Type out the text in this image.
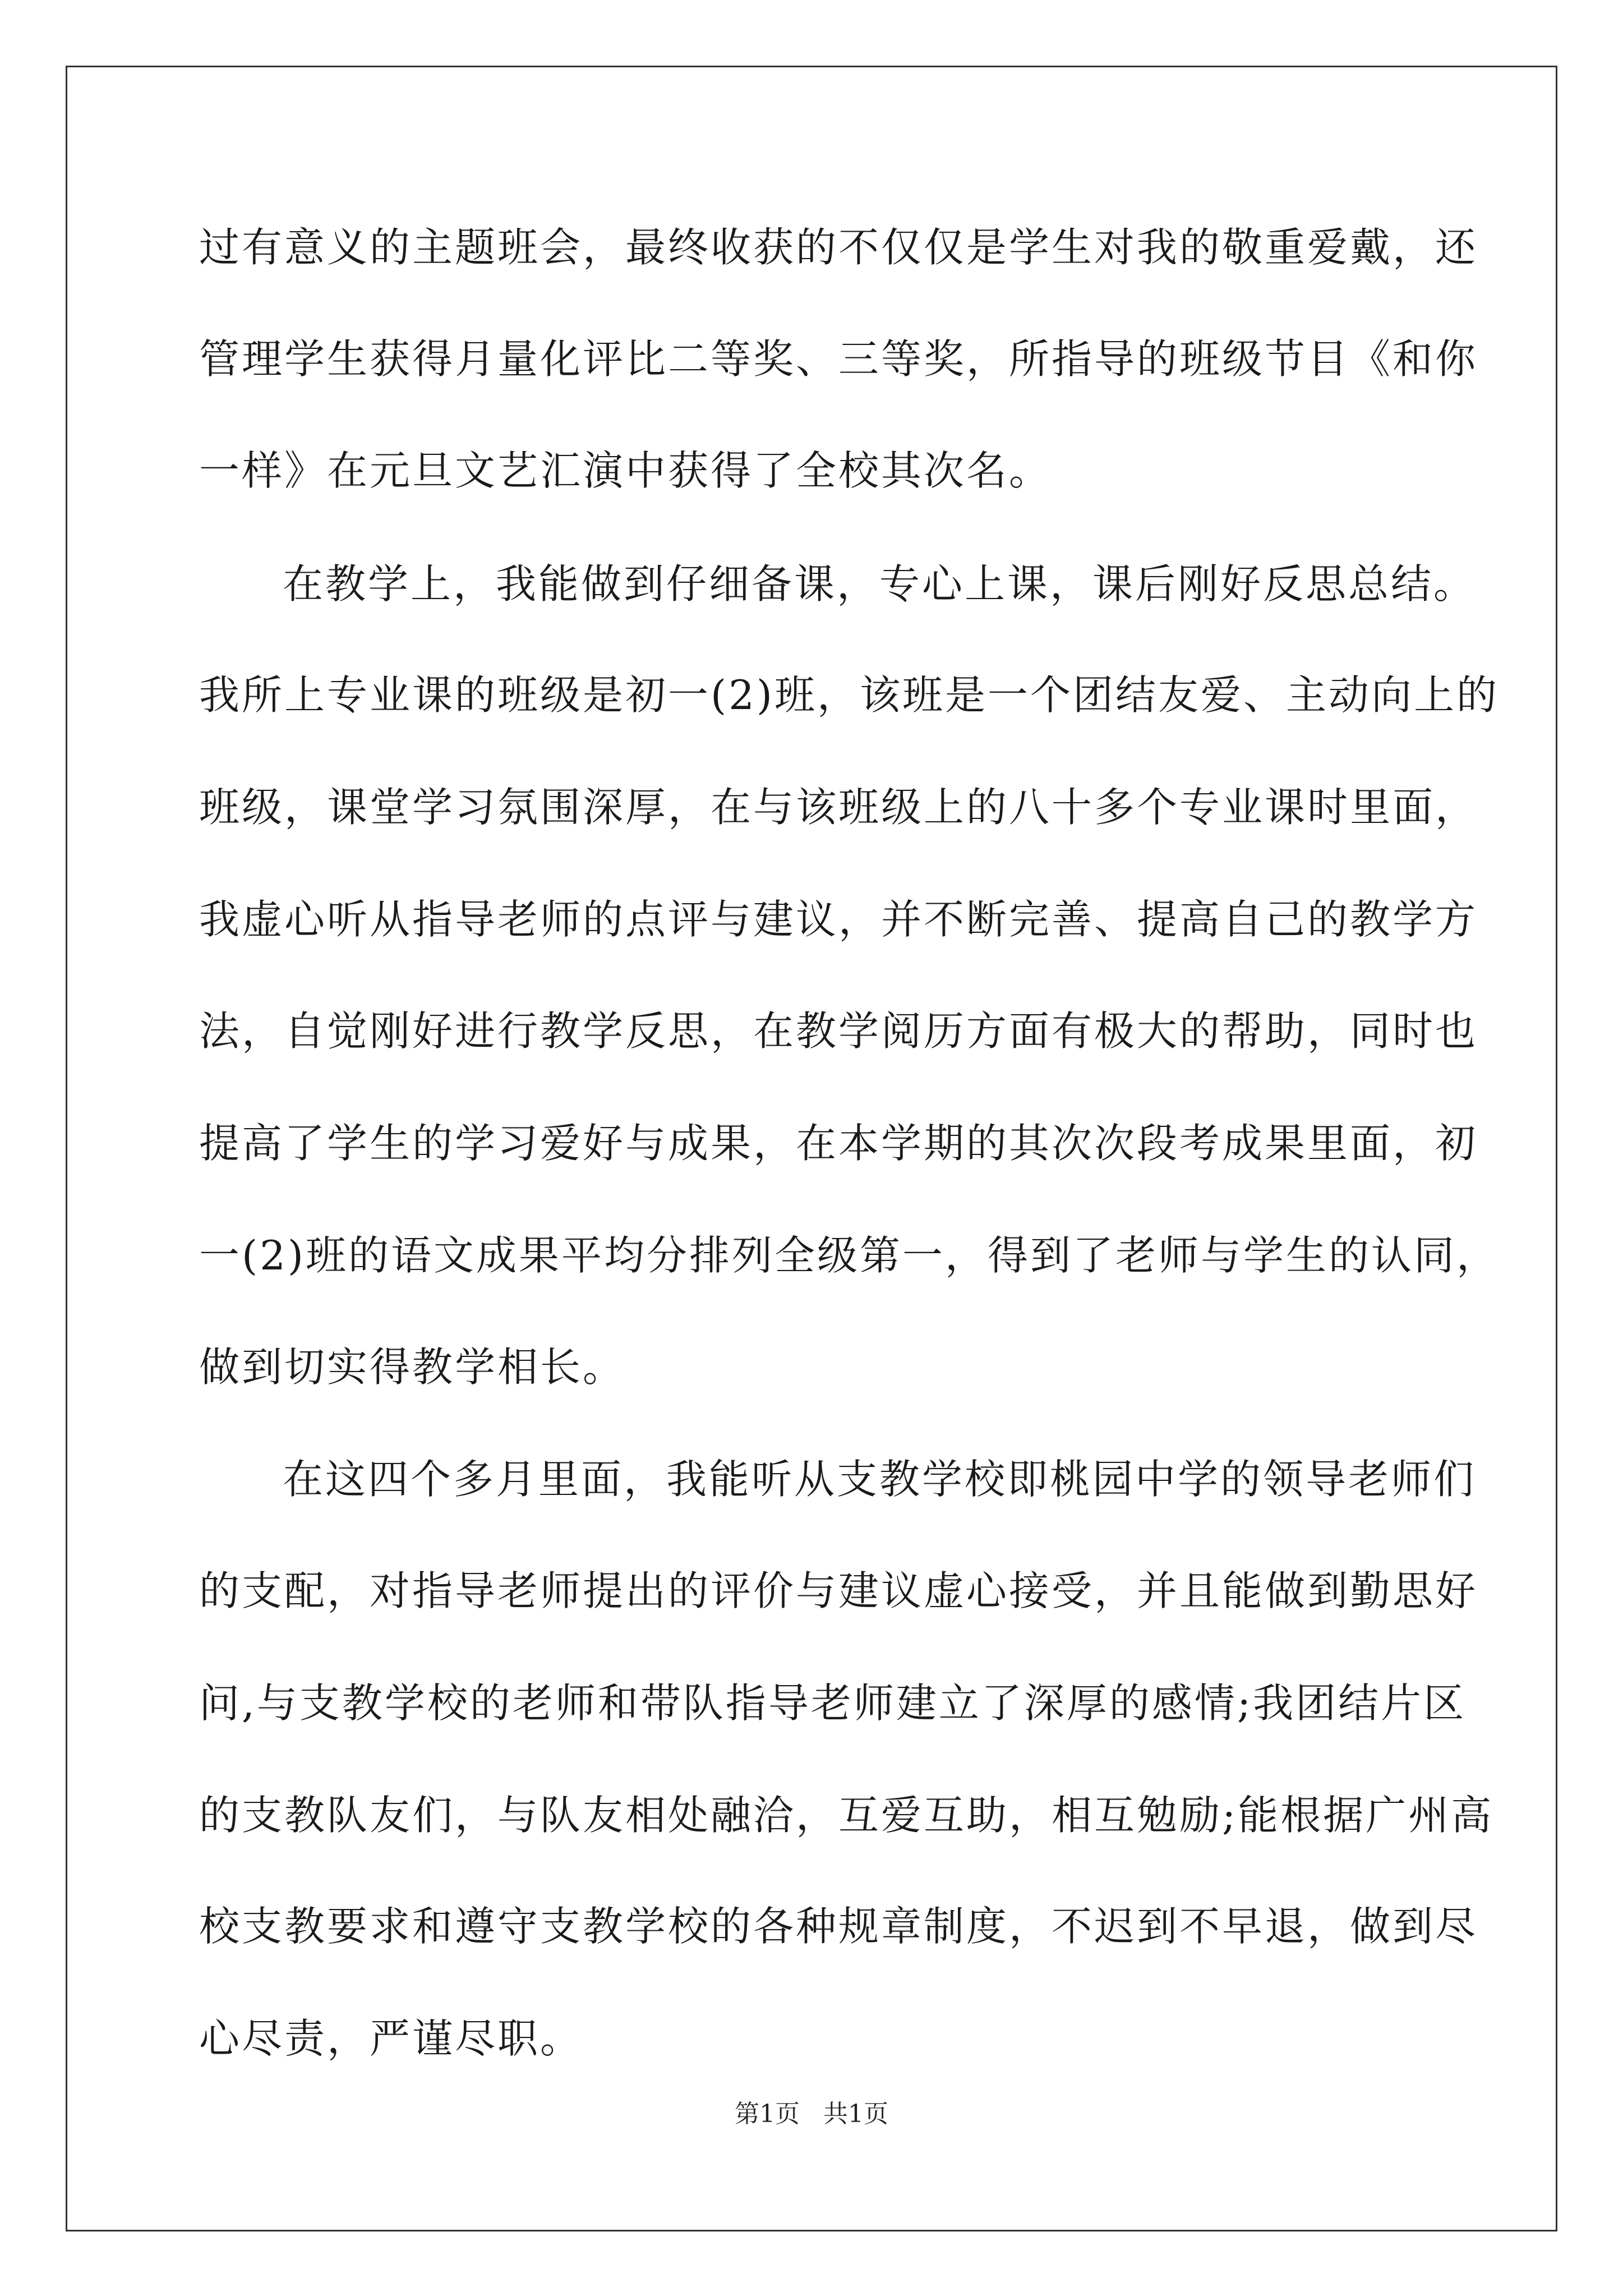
过有意义的主题班会，最终收获的不仅仅是学生对我的敬重爱戴，还
管理学生获得月量化评比二等奖、三等奖，所指导的班级节目《和你
一样》在元旦文艺汇演中获得了全校其次名。
在教学上，我能做到仔细备课，专心上课，课后刚好反思总结。
我所上专业课的班级是初一(2)班，该班是一个团结友爱、主动向上的
班级，课堂学习氛围深厚，在与该班级上的八十多个专业课时里面，
我虚心听从指导老师的点评与建议，并不断完善、提高自己的教学方
法，自觉刚好进行教学反思，在教学阅历方面有极大的帮助，同时也
提高了学生的学习爱好与成果，在本学期的其次次段考成果里面，初
一(2)班的语文成果平均分排列全级第一，得到了老师与学生的认同，
做到切实得教学相长。
在这四个多月里面，我能听从支教学校即桃园中学的领导老师们
的支配，对指导老师提出的评价与建议虚心接受，并且能做到勤思好
问,与支教学校的老师和带队指导老师建立了深厚的感情;我团结片区
的支教队友们，与队友相处融洽，互爱互助，相互勉励;能根据广州高
校支教要求和遵守支教学校的各种规章制度，不迟到不早退，做到尽
心尽责，严谨尽职。
第1页   共1页
